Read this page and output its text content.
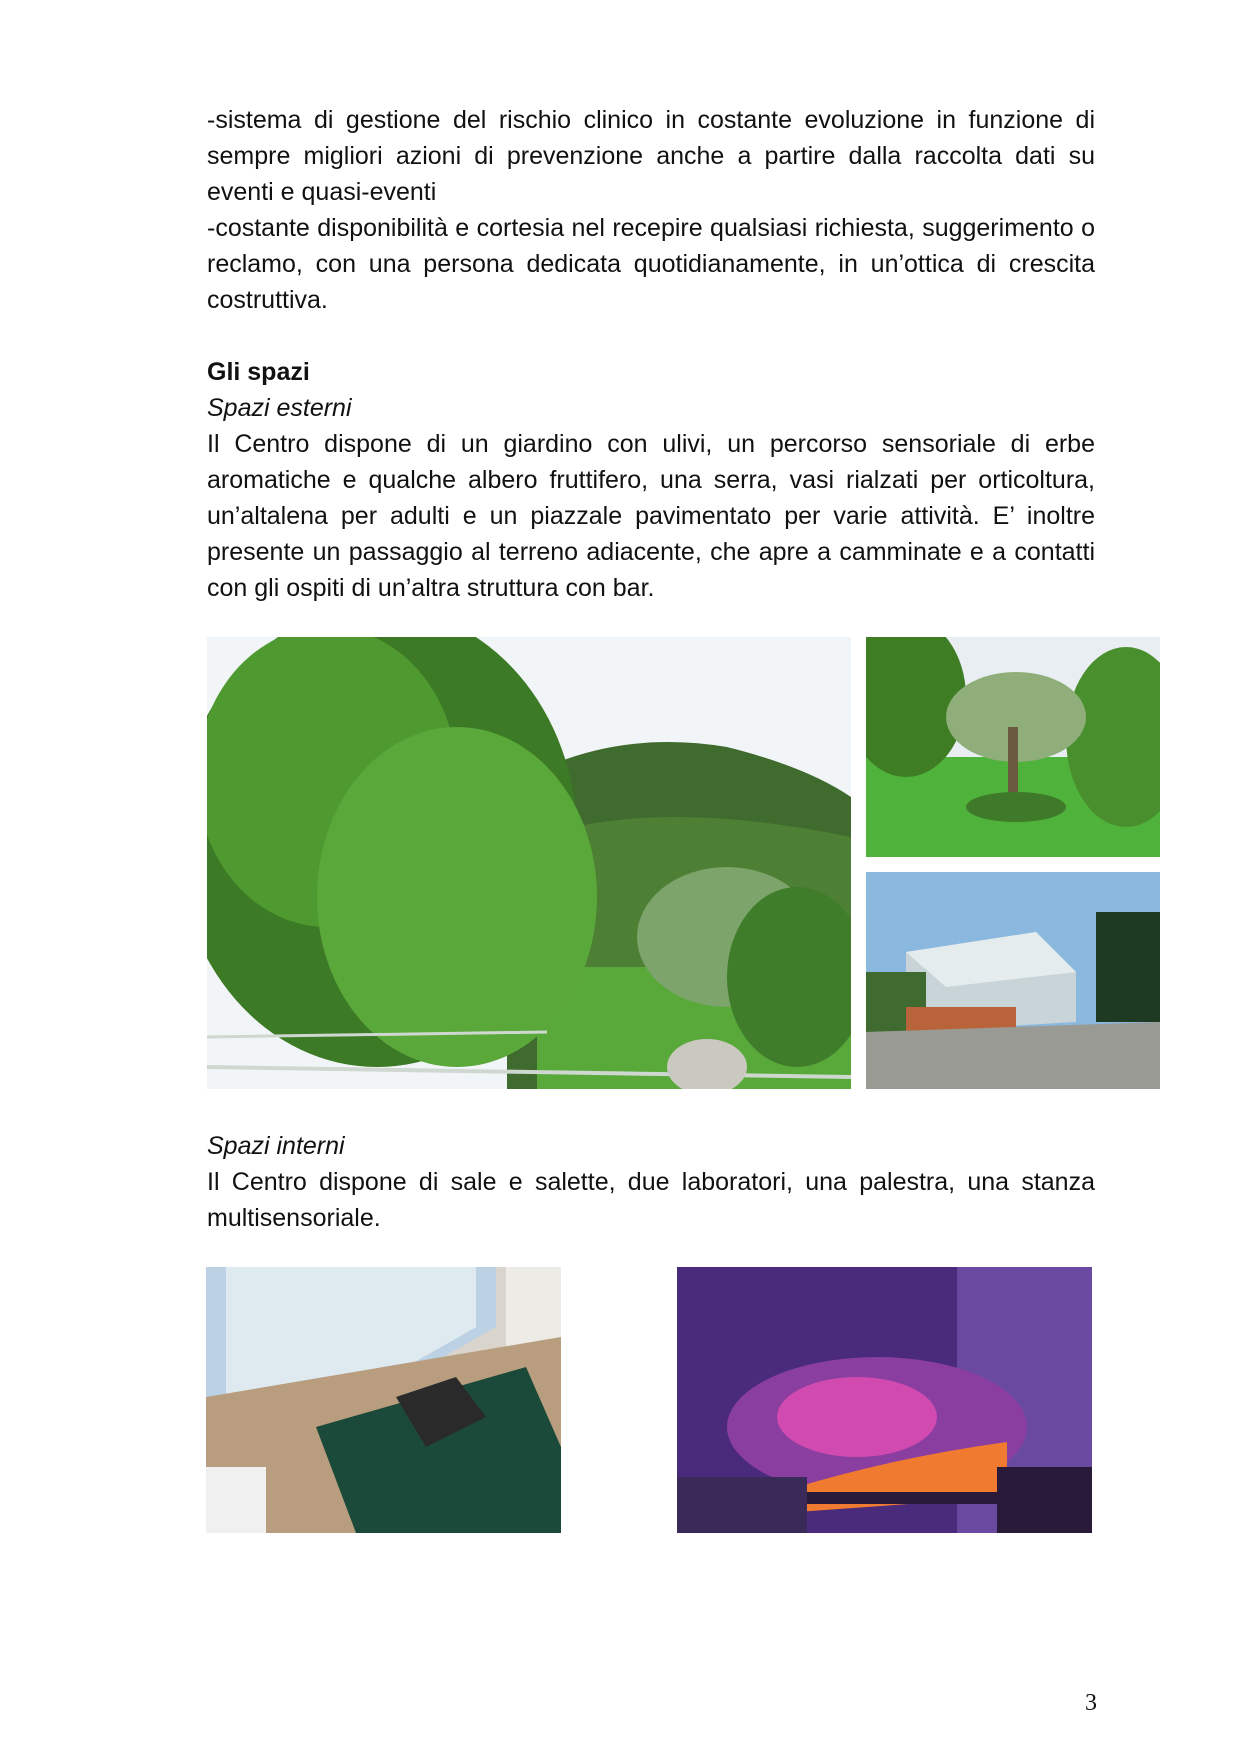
-sistema di gestione del rischio clinico in costante evoluzione in funzione di sempre migliori azioni di prevenzione anche a partire dalla raccolta dati su eventi e quasi-eventi

-costante disponibilità e cortesia nel recepire qualsiasi richiesta, suggerimento o reclamo, con una persona dedicata quotidianamente, in un’ottica di crescita costruttiva.

Gli spazi

Spazi esterni

Il Centro dispone di un giardino con ulivi, un percorso sensoriale di erbe aromatiche e qualche albero fruttifero, una serra, vasi rialzati per orticoltura, un’altalena per adulti e un piazzale pavimentato per varie attività. E’ inoltre presente un passaggio al terreno adiacente, che apre a camminate e a contatti con gli ospiti di un’altra struttura con bar.

Spazi interni

Il Centro dispone di sale e salette, due laboratori, una palestra, una stanza multisensoriale.

3
